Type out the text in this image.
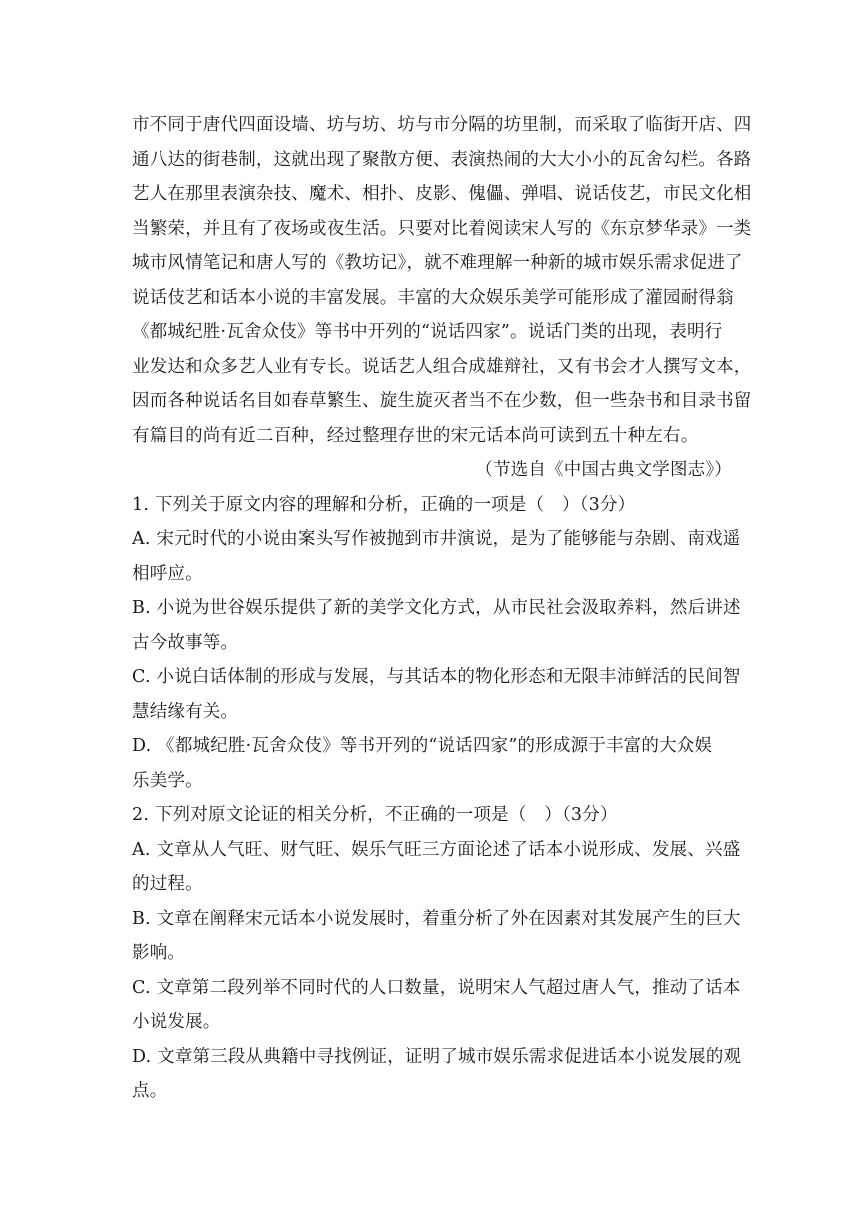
市不同于唐代四面设墙、坊与坊、坊与市分隔的坊里制，而采取了临街开店、四
通八达的街巷制，这就出现了聚散方便、表演热闹的大大小小的瓦舍勾栏。各路
艺人在那里表演杂技、魔术、相扑、皮影、傀儡、弹唱、说话伎艺，市民文化相
当繁荣，并且有了夜场或夜生活。只要对比着阅读宋人写的《东京梦华录》一类
城市风情笔记和唐人写的《教坊记》，就不难理解一种新的城市娱乐需求促进了
说话伎艺和话本小说的丰富发展。丰富的大众娱乐美学可能形成了灌园耐得翁
《都城纪胜·瓦舍众伎》等书中开列的“说话四家”。说话门类的出现，表明行
业发达和众多艺人业有专长。说话艺人组合成雄辩社，又有书会才人撰写文本，
因而各种说话名目如春草繁生、旋生旋灭者当不在少数，但一些杂书和目录书留
有篇目的尚有近二百种，经过整理存世的宋元话本尚可读到五十种左右。
（节选自《中国古典文学图志》）
1. 下列关于原文内容的理解和分析，正确的一项是（　）（3分）
A. 宋元时代的小说由案头写作被抛到市井演说，是为了能够能与杂剧、南戏遥
相呼应。
B. 小说为世谷娱乐提供了新的美学文化方式，从市民社会汲取养料，然后讲述
古今故事等。
C. 小说白话体制的形成与发展，与其话本的物化形态和无限丰沛鲜活的民间智
慧结缘有关。
D. 《都城纪胜·瓦舍众伎》等书开列的“说话四家”的形成源于丰富的大众娱
乐美学。
2. 下列对原文论证的相关分析，不正确的一项是（　）（3分）
A. 文章从人气旺、财气旺、娱乐气旺三方面论述了话本小说形成、发展、兴盛
的过程。
B. 文章在阐释宋元话本小说发展时，着重分析了外在因素对其发展产生的巨大
影响。
C. 文章第二段列举不同时代的人口数量，说明宋人气超过唐人气，推动了话本
小说发展。
D. 文章第三段从典籍中寻找例证，证明了城市娱乐需求促进话本小说发展的观
点。
